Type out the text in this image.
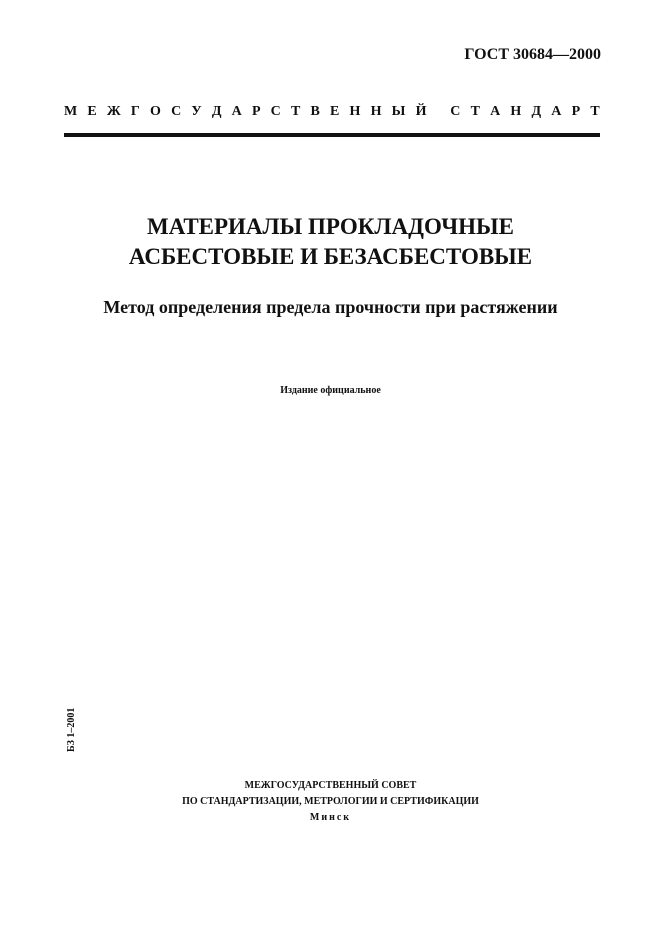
ГОСТ 30684—2000
М Е Ж Г О С У Д А Р С Т В Е Н Н Ы Й
С Т А Н Д А Р Т
МАТЕРИАЛЫ ПРОКЛАДОЧНЫЕ
АСБЕСТОВЫЕ И БЕЗАСБЕСТОВЫЕ
Метод определения предела прочности при растяжении
Издание официальное
БЗ 1–2001
МЕЖГОСУДАРСТВЕННЫЙ СОВЕТ
ПО СТАНДАРТИЗАЦИИ, МЕТРОЛОГИИ И СЕРТИФИКАЦИИ
Минск
